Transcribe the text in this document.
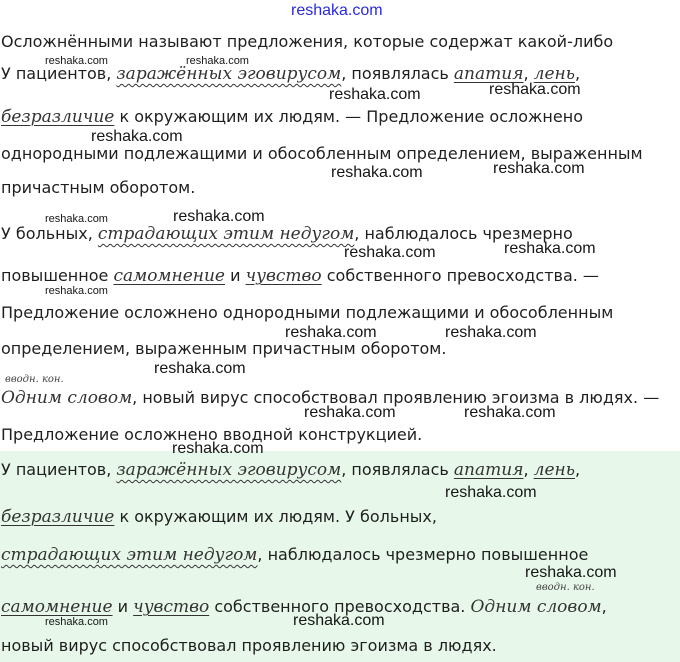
reshaka.com
Осложнёнными называют предложения, которые содержат какой-либо
У пациентов, заражённых эговирусом, появлялась апатия, лень,
безразличие к окружающим их людям. — Предложение осложнено
однородными подлежащими и обособленным определением, выраженным
причастным оборотом.
У больных, страдающих этим недугом, наблюдалось чрезмерно
повышенное самомнение и чувство собственного превосходства. —
Предложение осложнено однородными подлежащими и обособленным
определением, выраженным причастным оборотом.
вводн. кон.
Одним словом, новый вирус способствовал проявлению эгоизма в людях. —
Предложение осложнено вводной конструкцией.
У пациентов, заражённых эговирусом, появлялась апатия, лень,
безразличие к окружающим их людям. У больных,
страдающих этим недугом, наблюдалось чрезмерно повышенное
вводн. кон.
самомнение и чувство собственного превосходства. Одним словом,
новый вирус способствовал проявлению эгоизма в людях.
reshaka.com	reshaka.com
reshaka.com	reshaka.com
reshaka.com
reshaka.com	reshaka.com
reshaka.com	reshaka.com
reshaka.com	reshaka.com
reshaka.com
reshaka.com	reshaka.com
reshaka.com
reshaka.com	reshaka.com
reshaka.com
reshaka.com
reshaka.com
reshaka.com	reshaka.com
